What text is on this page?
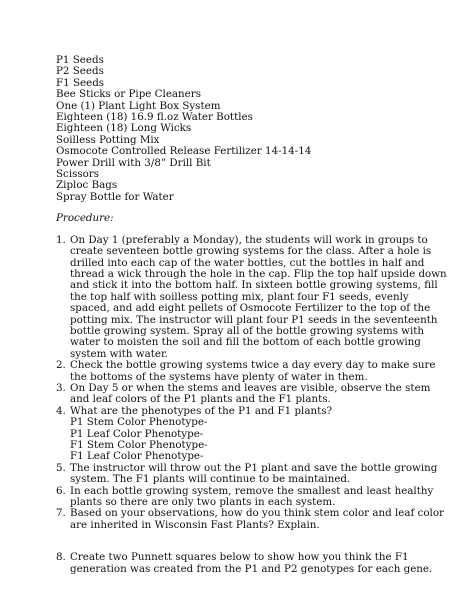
P1 Seeds
P2 Seeds
F1 Seeds
Bee Sticks or Pipe Cleaners
One (1) Plant Light Box System
Eighteen (18) 16.9 fl.oz Water Bottles
Eighteen (18) Long Wicks
Soilless Potting Mix
Osmocote Controlled Release Fertilizer 14-14-14
Power Drill with 3/8” Drill Bit
Scissors
Ziploc Bags
Spray Bottle for Water
Procedure:
1. On Day 1 (preferably a Monday), the students will work in groups to create seventeen bottle growing systems for the class. After a hole is drilled into each cap of the water bottles, cut the bottles in half and thread a wick through the hole in the cap. Flip the top half upside down and stick it into the bottom half. In sixteen bottle growing systems, fill the top half with soilless potting mix, plant four F1 seeds, evenly spaced, and add eight pellets of Osmocote Fertilizer to the top of the potting mix. The instructor will plant four P1 seeds in the seventeenth bottle growing system. Spray all of the bottle growing systems with water to moisten the soil and fill the bottom of each bottle growing system with water.
2. Check the bottle growing systems twice a day every day to make sure the bottoms of the systems have plenty of water in them.
3. On Day 5 or when the stems and leaves are visible, observe the stem and leaf colors of the P1 plants and the F1 plants.
4. What are the phenotypes of the P1 and F1 plants?
P1 Stem Color Phenotype-
P1 Leaf Color Phenotype-
F1 Stem Color Phenotype-
F1 Leaf Color Phenotype-
5. The instructor will throw out the P1 plant and save the bottle growing system. The F1 plants will continue to be maintained.
6. In each bottle growing system, remove the smallest and least healthy plants so there are only two plants in each system.
7. Based on your observations, how do you think stem color and leaf color are inherited in Wisconsin Fast Plants? Explain.
8. Create two Punnett squares below to show how you think the F1 generation was created from the P1 and P2 genotypes for each gene.
